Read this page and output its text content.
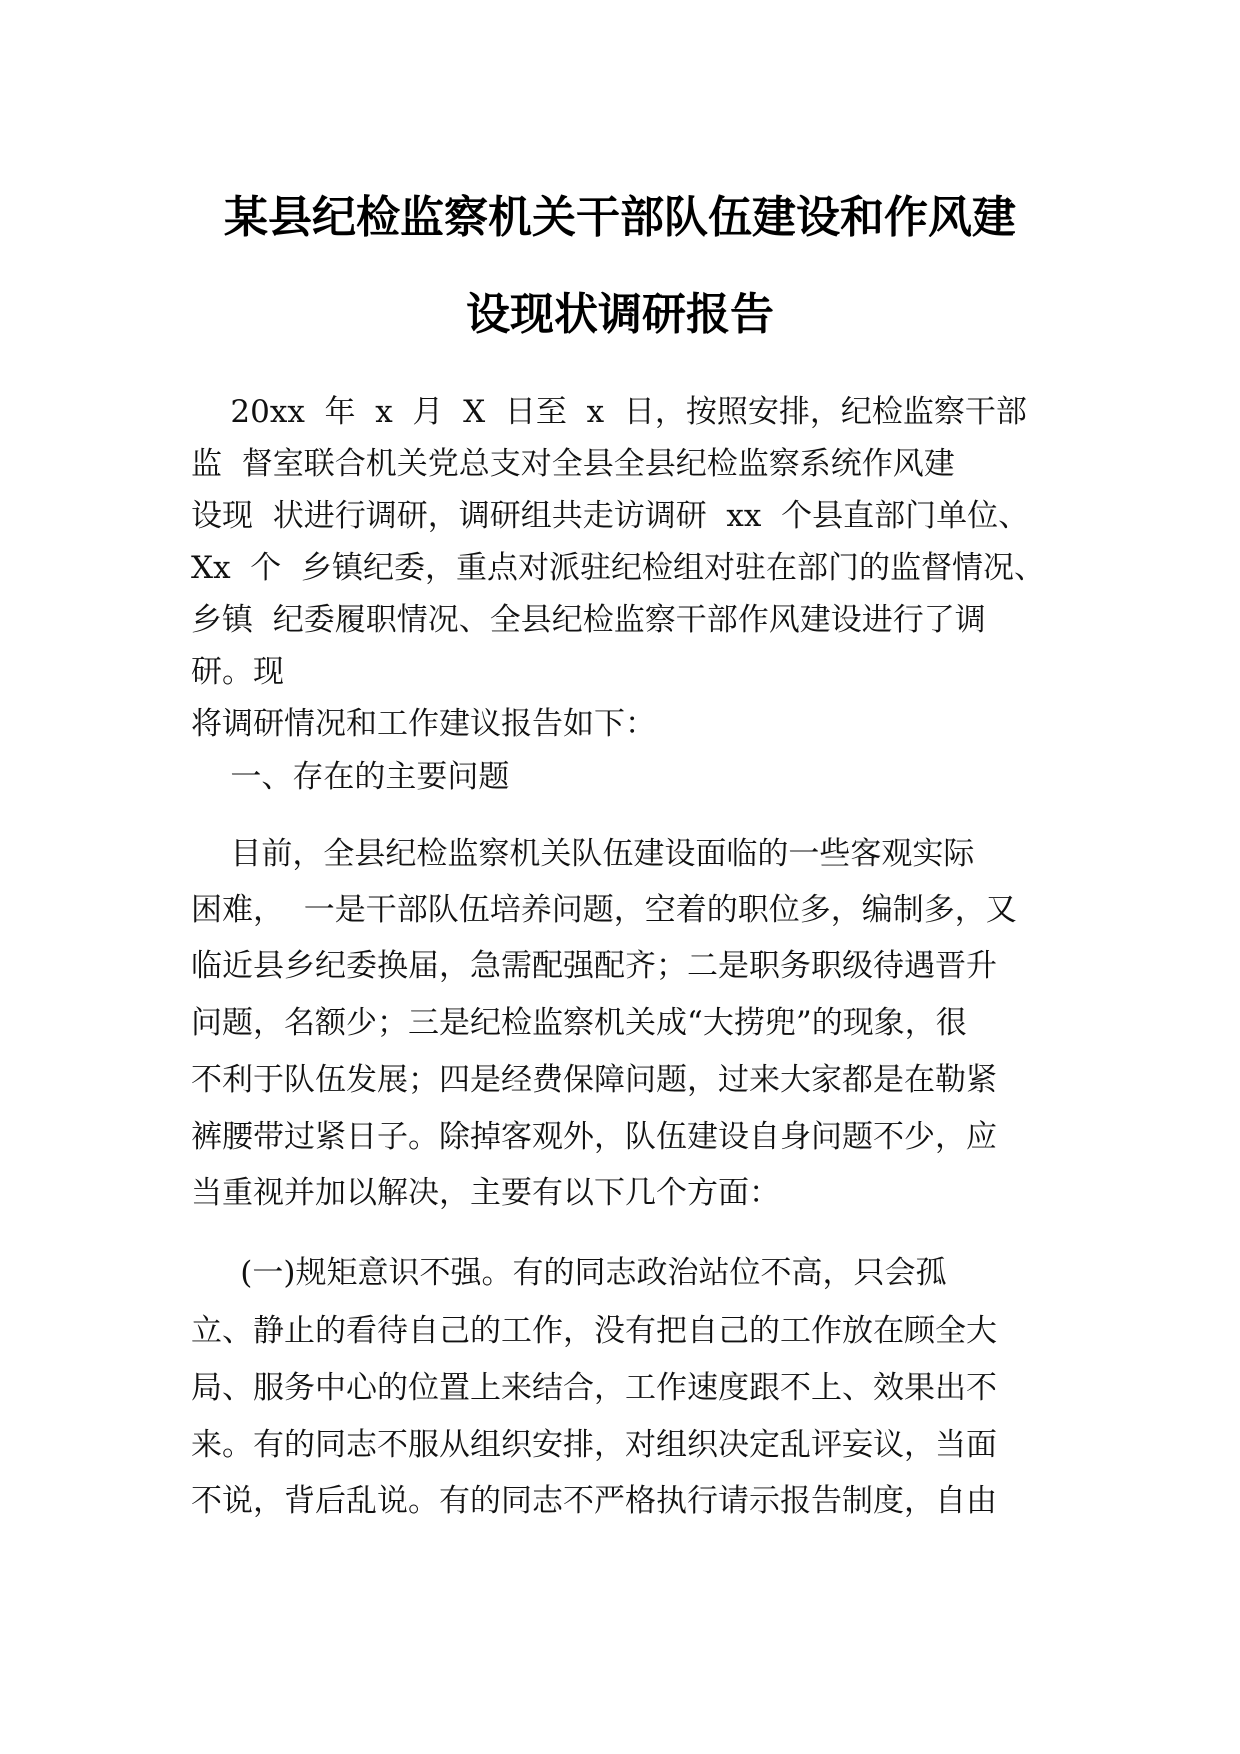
某县纪检监察机关干部队伍建设和作风建
设现状调研报告
20xx  年  x  月  X  日至  x  日，按照安排，纪检监察干部
监  督室联合机关党总支对全县全县纪检监察系统作风建
设现  状进行调研，调研组共走访调研  xx  个县直部门单位、
Xx  个  乡镇纪委，重点对派驻纪检组对驻在部门的监督情况、
乡镇  纪委履职情况、全县纪检监察干部作风建设进行了调
研。现
将调研情况和工作建议报告如下：
一、存在的主要问题
目前，全县纪检监察机关队伍建设面临的一些客观实际
困难，  一是干部队伍培养问题，空着的职位多，编制多，又
临近县乡纪委换届，急需配强配齐；二是职务职级待遇晋升
问题，名额少；三是纪检监察机关成“大捞兜”的现象，很
不利于队伍发展；四是经费保障问题，过来大家都是在勒紧
裤腰带过紧日子。除掉客观外，队伍建设自身问题不少，应
当重视并加以解决，主要有以下几个方面：
(一)规矩意识不强。有的同志政治站位不高，只会孤
立、静止的看待自己的工作，没有把自己的工作放在顾全大
局、服务中心的位置上来结合，工作速度跟不上、效果出不
来。有的同志不服从组织安排，对组织决定乱评妄议，当面
不说，背后乱说。有的同志不严格执行请示报告制度，自由
